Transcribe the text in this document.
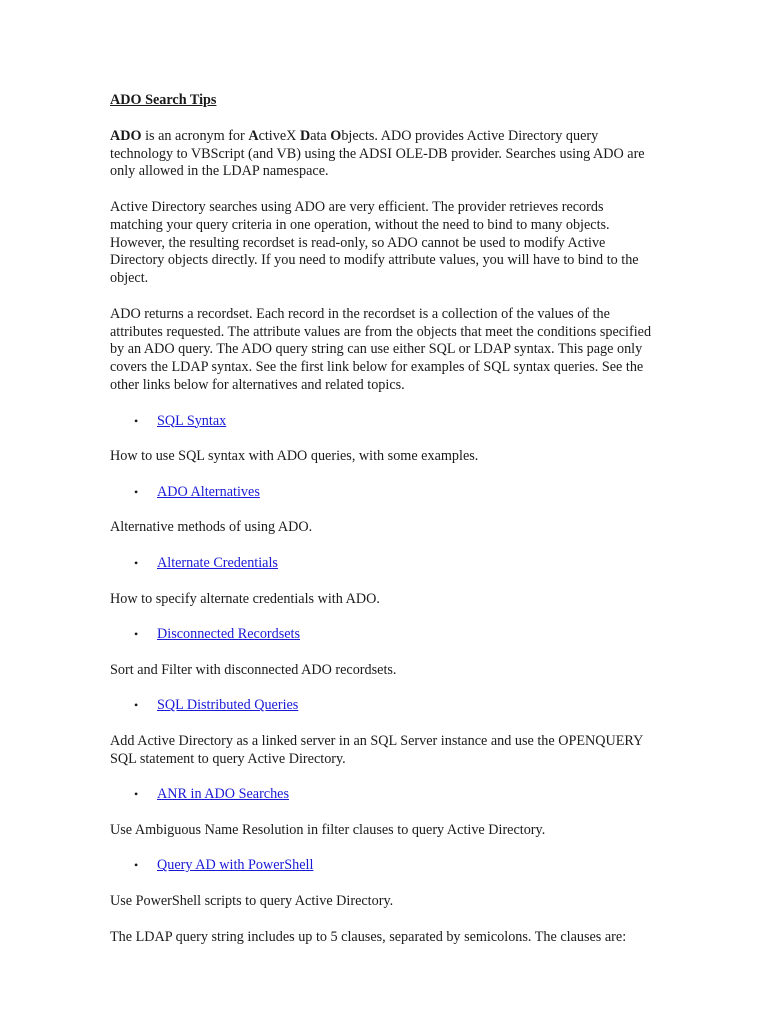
ADO Search Tips

ADO is an acronym for ActiveX Data Objects. ADO provides Active Directory query technology to VBScript (and VB) using the ADSI OLE-DB provider. Searches using ADO are only allowed in the LDAP namespace.

Active Directory searches using ADO are very efficient. The provider retrieves records matching your query criteria in one operation, without the need to bind to many objects. However, the resulting recordset is read-only, so ADO cannot be used to modify Active Directory objects directly. If you need to modify attribute values, you will have to bind to the object.

ADO returns a recordset. Each record in the recordset is a collection of the values of the attributes requested. The attribute values are from the objects that meet the conditions specified by an ADO query. The ADO query string can use either SQL or LDAP syntax. This page only covers the LDAP syntax. See the first link below for examples of SQL syntax queries. See the other links below for alternatives and related topics.

• SQL Syntax

How to use SQL syntax with ADO queries, with some examples.

• ADO Alternatives

Alternative methods of using ADO.

• Alternate Credentials

How to specify alternate credentials with ADO.

• Disconnected Recordsets

Sort and Filter with disconnected ADO recordsets.

• SQL Distributed Queries

Add Active Directory as a linked server in an SQL Server instance and use the OPENQUERY SQL statement to query Active Directory.

• ANR in ADO Searches

Use Ambiguous Name Resolution in filter clauses to query Active Directory.

• Query AD with PowerShell

Use PowerShell scripts to query Active Directory.

The LDAP query string includes up to 5 clauses, separated by semicolons. The clauses are:
